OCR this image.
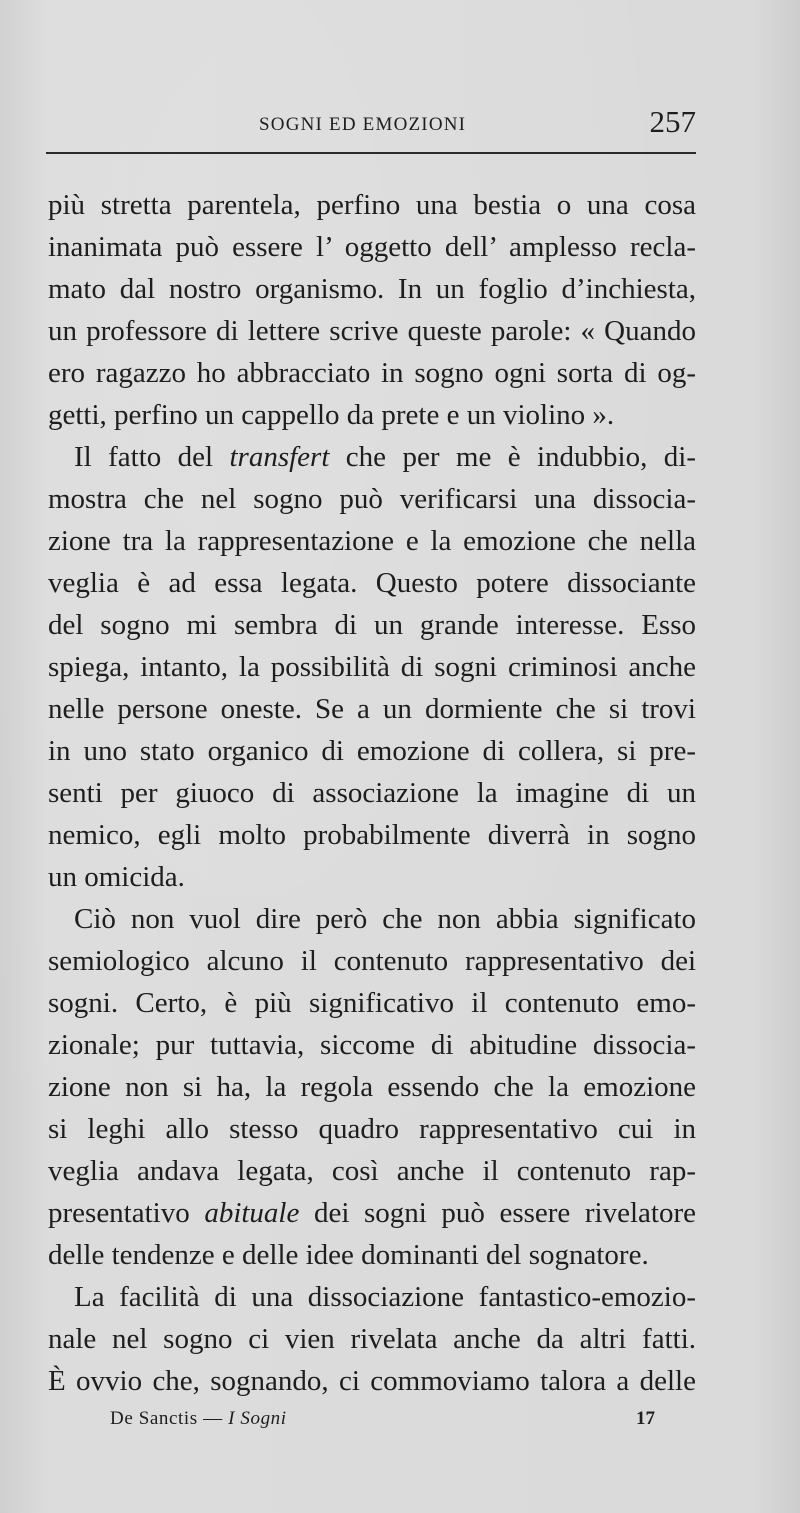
SOGNI ED EMOZIONI	257
più stretta parentela, perfino una bestia o una cosa
inanimata può essere l’ oggetto dell’ amplesso recla-
mato dal nostro organismo. In un foglio d’inchiesta,
un professore di lettere scrive queste parole: « Quando
ero ragazzo ho abbracciato in sogno ogni sorta di og-
getti, perfino un cappello da prete e un violino ».
Il fatto del transfert che per me è indubbio, di-
mostra che nel sogno può verificarsi una dissocia-
zione tra la rappresentazione e la emozione che nella
veglia è ad essa legata. Questo potere dissociante
del sogno mi sembra di un grande interesse. Esso
spiega, intanto, la possibilità di sogni criminosi anche
nelle persone oneste. Se a un dormiente che si trovi
in uno stato organico di emozione di collera, si pre-
senti per giuoco di associazione la imagine di un
nemico, egli molto probabilmente diverrà in sogno
un omicida.
Ciò non vuol dire però che non abbia significato
semiologico alcuno il contenuto rappresentativo dei
sogni. Certo, è più significativo il contenuto emo-
zionale; pur tuttavia, siccome di abitudine dissocia-
zione non si ha, la regola essendo che la emozione
si leghi allo stesso quadro rappresentativo cui in
veglia andava legata, così anche il contenuto rap-
presentativo abituale dei sogni può essere rivelatore
delle tendenze e delle idee dominanti del sognatore.
La facilità di una dissociazione fantastico-emozio-
nale nel sogno ci vien rivelata anche da altri fatti.
È ovvio che, sognando, ci commoviamo talora a delle
De Sanctis — I Sogni	17
